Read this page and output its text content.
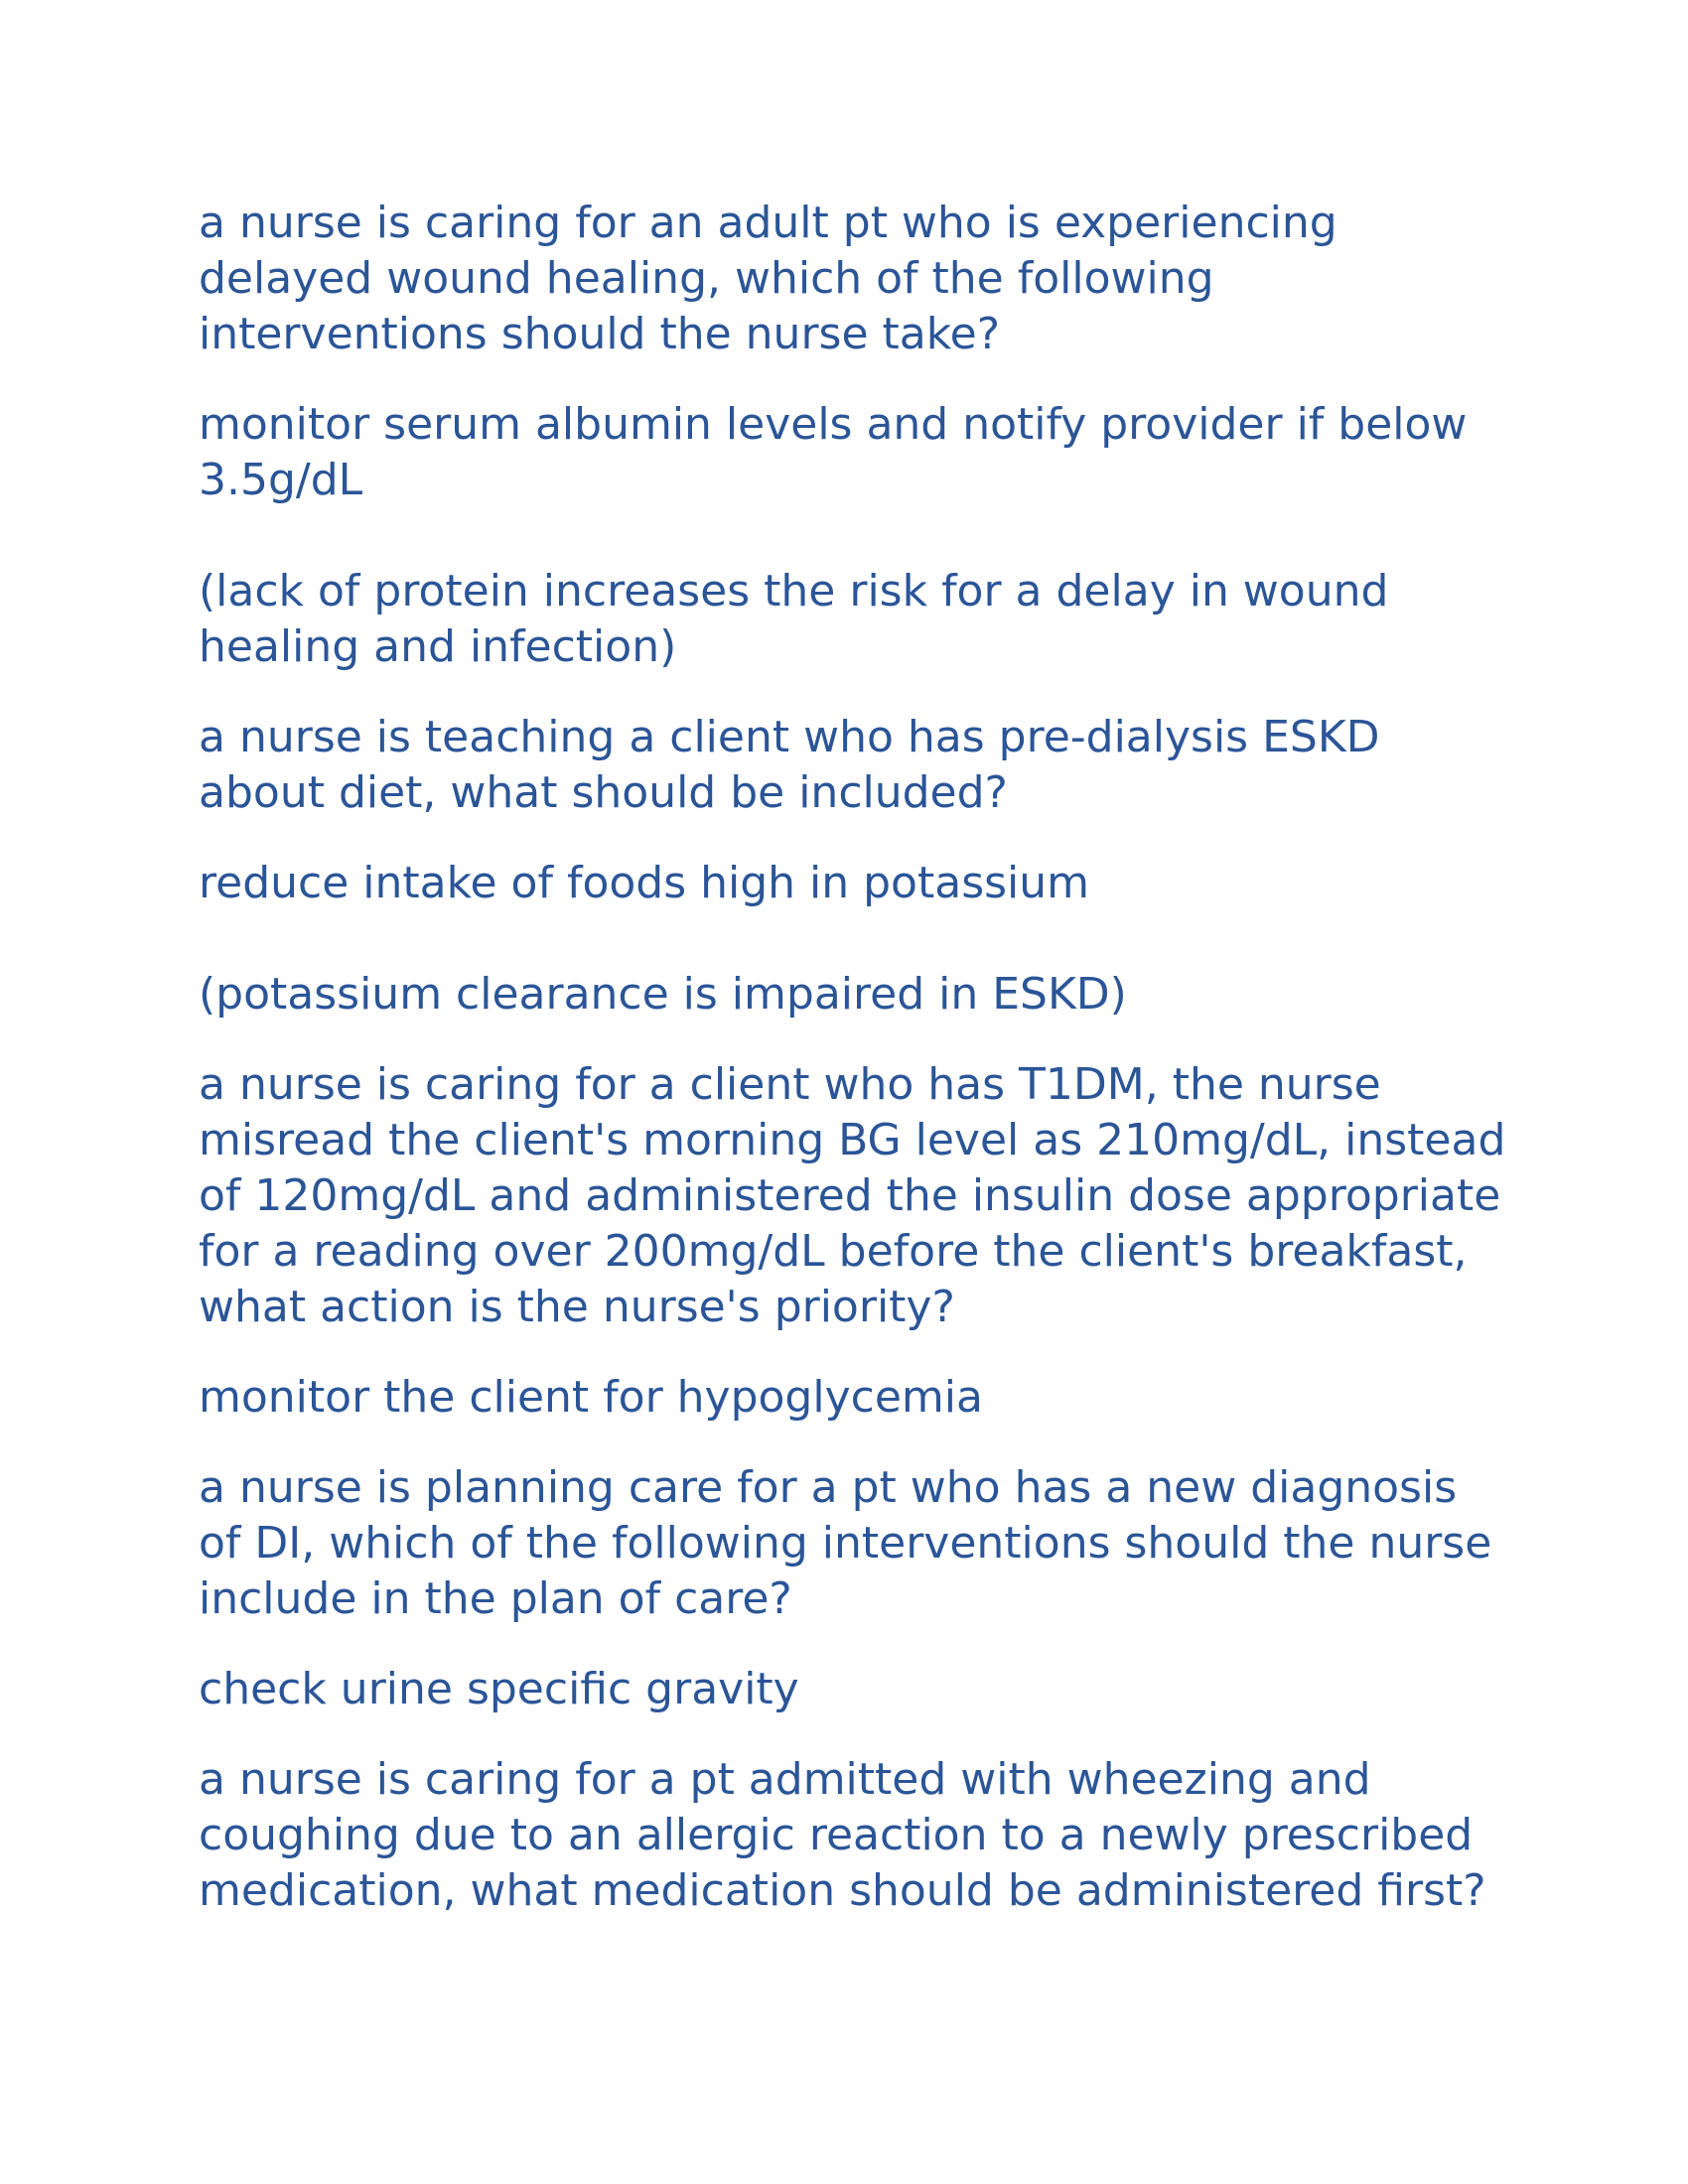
a nurse is caring for an adult pt who is experiencing delayed wound healing, which of the following interventions should the nurse take?

monitor serum albumin levels and notify provider if below 3.5g/dL

(lack of protein increases the risk for a delay in wound healing and infection)

a nurse is teaching a client who has pre-dialysis ESKD about diet, what should be included?

reduce intake of foods high in potassium

(potassium clearance is impaired in ESKD)

a nurse is caring for a client who has T1DM, the nurse misread the client's morning BG level as 210mg/dL, instead of 120mg/dL and administered the insulin dose appropriate for a reading over 200mg/dL before the client's breakfast, what action is the nurse's priority?

monitor the client for hypoglycemia

a nurse is planning care for a pt who has a new diagnosis of DI, which of the following interventions should the nurse include in the plan of care?

check urine specific gravity

a nurse is caring for a pt admitted with wheezing and coughing due to an allergic reaction to a newly prescribed medication, what medication should be administered first?
